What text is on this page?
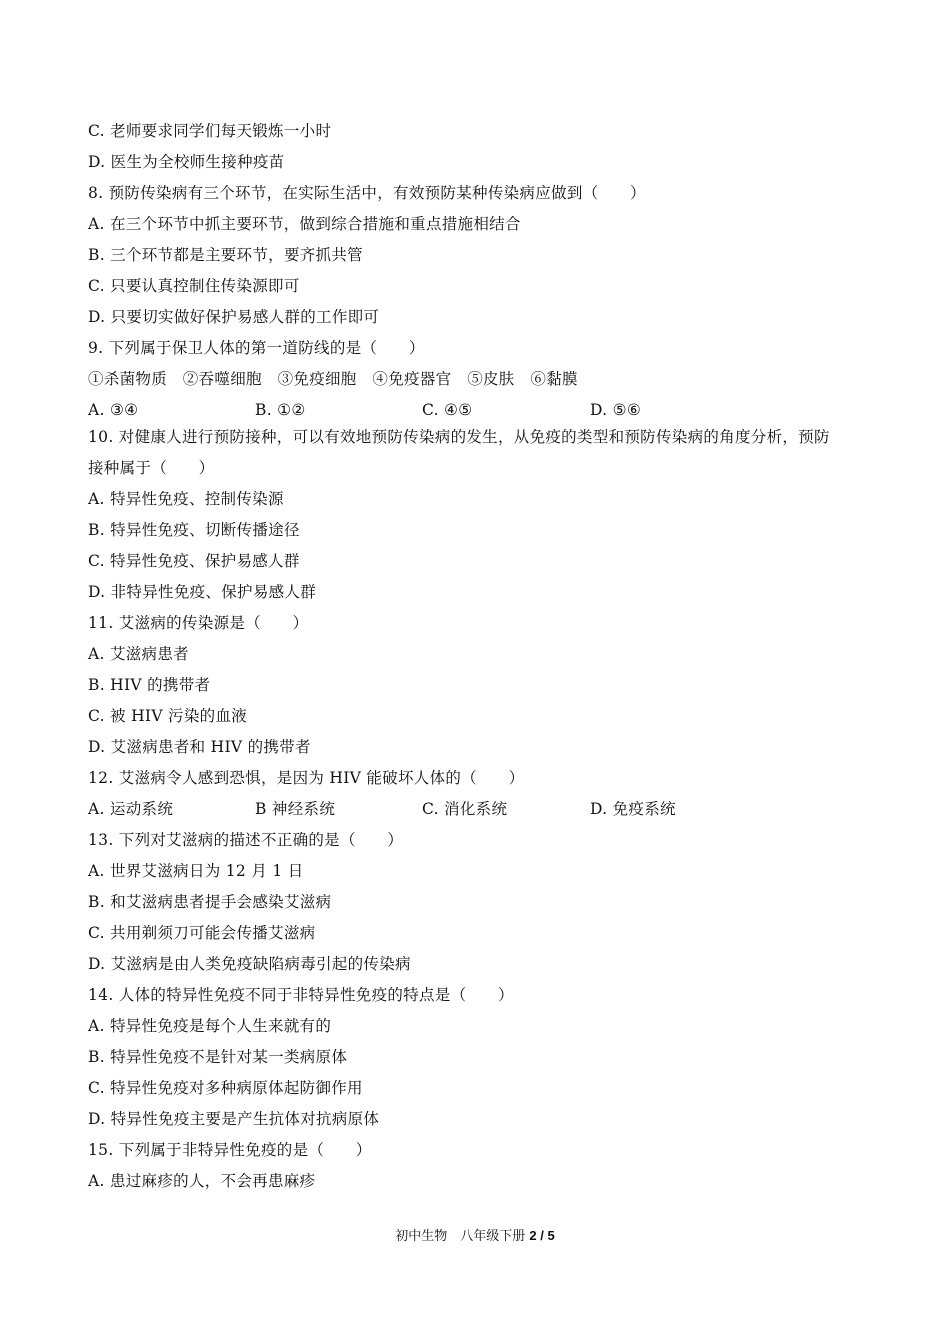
C. 老师要求同学们每天锻炼一小时
D. 医生为全校师生接种疫苗
8. 预防传染病有三个环节，在实际生活中，有效预防某种传染病应做到（　　）
A. 在三个环节中抓主要环节，做到综合措施和重点措施相结合
B. 三个环节都是主要环节，要齐抓共管
C. 只要认真控制住传染源即可
D. 只要切实做好保护易感人群的工作即可
9. 下列属于保卫人体的第一道防线的是（　　）
①杀菌物质　②吞噬细胞　③免疫细胞　④免疫器官　⑤皮肤　⑥黏膜
A. ③④	B. ①②	C. ④⑤	D. ⑤⑥
10. 对健康人进行预防接种，可以有效地预防传染病的发生，从免疫的类型和预防传染病的角度分析，预防
接种属于（　　）
A. 特异性免疫、控制传染源
B. 特异性免疫、切断传播途径
C. 特异性免疫、保护易感人群
D. 非特异性免疫、保护易感人群
11. 艾滋病的传染源是（　　）
A. 艾滋病患者
B. HIV 的携带者
C. 被 HIV 污染的血液
D. 艾滋病患者和 HIV 的携带者
12. 艾滋病令人感到恐惧，是因为 HIV 能破坏人体的（　　）
A. 运动系统	B 神经系统	C. 消化系统	D. 免疫系统
13. 下列对艾滋病的描述不正确的是（　　）
A. 世界艾滋病日为 12 月 1 日
B. 和艾滋病患者提手会感染艾滋病
C. 共用剃须刀可能会传播艾滋病
D. 艾滋病是由人类免疫缺陷病毒引起的传染病
14. 人体的特异性免疫不同于非特异性免疫的特点是（　　）
A. 特异性免疫是每个人生来就有的
B. 特异性免疫不是针对某一类病原体
C. 特异性免疫对多种病原体起防御作用
D. 特异性免疫主要是产生抗体对抗病原体
15. 下列属于非特异性免疫的是（　　）
A. 患过麻疹的人，不会再患麻疹
初中生物　八年级下册 2 / 5
